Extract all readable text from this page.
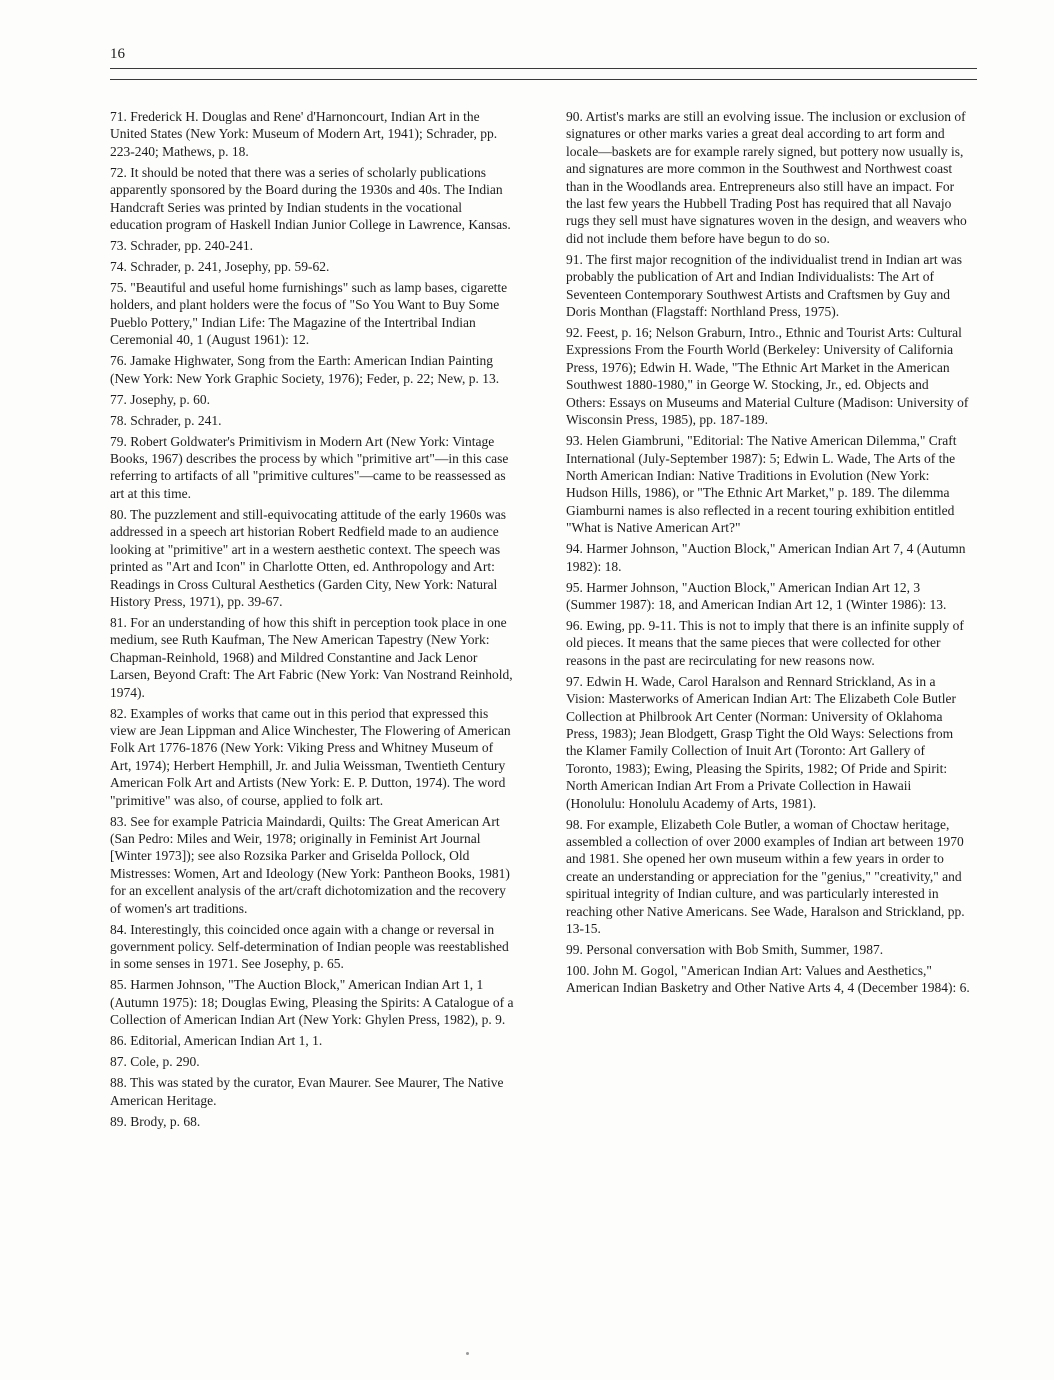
16

71. Frederick H. Douglas and Rene' d'Harnoncourt, Indian Art in the United States (New York: Museum of Modern Art, 1941); Schrader, pp. 223-240; Mathews, p. 18.

72. It should be noted that there was a series of scholarly publications apparently sponsored by the Board during the 1930s and 40s. The Indian Handcraft Series was printed by Indian students in the vocational education program of Haskell Indian Junior College in Lawrence, Kansas.

73. Schrader, pp. 240-241.

74. Schrader, p. 241, Josephy, pp. 59-62.

75. "Beautiful and useful home furnishings" such as lamp bases, cigarette holders, and plant holders were the focus of "So You Want to Buy Some Pueblo Pottery," Indian Life: The Magazine of the Intertribal Indian Ceremonial 40, 1 (August 1961): 12.

76. Jamake Highwater, Song from the Earth: American Indian Painting (New York: New York Graphic Society, 1976); Feder, p. 22; New, p. 13.

77. Josephy, p. 60.

78. Schrader, p. 241.

79. Robert Goldwater's Primitivism in Modern Art (New York: Vintage Books, 1967) describes the process by which "primitive art"—in this case referring to artifacts of all "primitive cultures"—came to be reassessed as art at this time.

80. The puzzlement and still-equivocating attitude of the early 1960s was addressed in a speech art historian Robert Redfield made to an audience looking at "primitive" art in a western aesthetic context. The speech was printed as "Art and Icon" in Charlotte Otten, ed. Anthropology and Art: Readings in Cross Cultural Aesthetics (Garden City, New York: Natural History Press, 1971), pp. 39-67.

81. For an understanding of how this shift in perception took place in one medium, see Ruth Kaufman, The New American Tapestry (New York: Chapman-Reinhold, 1968) and Mildred Constantine and Jack Lenor Larsen, Beyond Craft: The Art Fabric (New York: Van Nostrand Reinhold, 1974).

82. Examples of works that came out in this period that expressed this view are Jean Lippman and Alice Winchester, The Flowering of American Folk Art 1776-1876 (New York: Viking Press and Whitney Museum of Art, 1974); Herbert Hemphill, Jr. and Julia Weissman, Twentieth Century American Folk Art and Artists (New York: E. P. Dutton, 1974). The word "primitive" was also, of course, applied to folk art.

83. See for example Patricia Maindardi, Quilts: The Great American Art (San Pedro: Miles and Weir, 1978; originally in Feminist Art Journal [Winter 1973]); see also Rozsika Parker and Griselda Pollock, Old Mistresses: Women, Art and Ideology (New York: Pantheon Books, 1981) for an excellent analysis of the art/craft dichotomization and the recovery of women's art traditions.

84. Interestingly, this coincided once again with a change or reversal in government policy. Self-determination of Indian people was reestablished in some senses in 1971. See Josephy, p. 65.

85. Harmen Johnson, "The Auction Block," American Indian Art 1, 1 (Autumn 1975): 18; Douglas Ewing, Pleasing the Spirits: A Catalogue of a Collection of American Indian Art (New York: Ghylen Press, 1982), p. 9.

86. Editorial, American Indian Art 1, 1.

87. Cole, p. 290.

88. This was stated by the curator, Evan Maurer. See Maurer, The Native American Heritage.

89. Brody, p. 68.

90. Artist's marks are still an evolving issue. The inclusion or exclusion of signatures or other marks varies a great deal according to art form and locale—baskets are for example rarely signed, but pottery now usually is, and signatures are more common in the Southwest and Northwest coast than in the Woodlands area. Entrepreneurs also still have an impact. For the last few years the Hubbell Trading Post has required that all Navajo rugs they sell must have signatures woven in the design, and weavers who did not include them before have begun to do so.

91. The first major recognition of the individualist trend in Indian art was probably the publication of Art and Indian Individualists: The Art of Seventeen Contemporary Southwest Artists and Craftsmen by Guy and Doris Monthan (Flagstaff: Northland Press, 1975).

92. Feest, p. 16; Nelson Graburn, Intro., Ethnic and Tourist Arts: Cultural Expressions From the Fourth World (Berkeley: University of California Press, 1976); Edwin H. Wade, "The Ethnic Art Market in the American Southwest 1880-1980," in George W. Stocking, Jr., ed. Objects and Others: Essays on Museums and Material Culture (Madison: University of Wisconsin Press, 1985), pp. 187-189.

93. Helen Giambruni, "Editorial: The Native American Dilemma," Craft International (July-September 1987): 5; Edwin L. Wade, The Arts of the North American Indian: Native Traditions in Evolution (New York: Hudson Hills, 1986), or "The Ethnic Art Market," p. 189. The dilemma Giamburni names is also reflected in a recent touring exhibition entitled "What is Native American Art?"

94. Harmer Johnson, "Auction Block," American Indian Art 7, 4 (Autumn 1982): 18.

95. Harmer Johnson, "Auction Block," American Indian Art 12, 3 (Summer 1987): 18, and American Indian Art 12, 1 (Winter 1986): 13.

96. Ewing, pp. 9-11. This is not to imply that there is an infinite supply of old pieces. It means that the same pieces that were collected for other reasons in the past are recirculating for new reasons now.

97. Edwin H. Wade, Carol Haralson and Rennard Strickland, As in a Vision: Masterworks of American Indian Art: The Elizabeth Cole Butler Collection at Philbrook Art Center (Norman: University of Oklahoma Press, 1983); Jean Blodgett, Grasp Tight the Old Ways: Selections from the Klamer Family Collection of Inuit Art (Toronto: Art Gallery of Toronto, 1983); Ewing, Pleasing the Spirits, 1982; Of Pride and Spirit: North American Indian Art From a Private Collection in Hawaii (Honolulu: Honolulu Academy of Arts, 1981).

98. For example, Elizabeth Cole Butler, a woman of Choctaw heritage, assembled a collection of over 2000 examples of Indian art between 1970 and 1981. She opened her own museum within a few years in order to create an understanding or appreciation for the "genius," "creativity," and spiritual integrity of Indian culture, and was particularly interested in reaching other Native Americans. See Wade, Haralson and Strickland, pp. 13-15.

99. Personal conversation with Bob Smith, Summer, 1987.

100. John M. Gogol, "American Indian Art: Values and Aesthetics," American Indian Basketry and Other Native Arts 4, 4 (December 1984): 6.
